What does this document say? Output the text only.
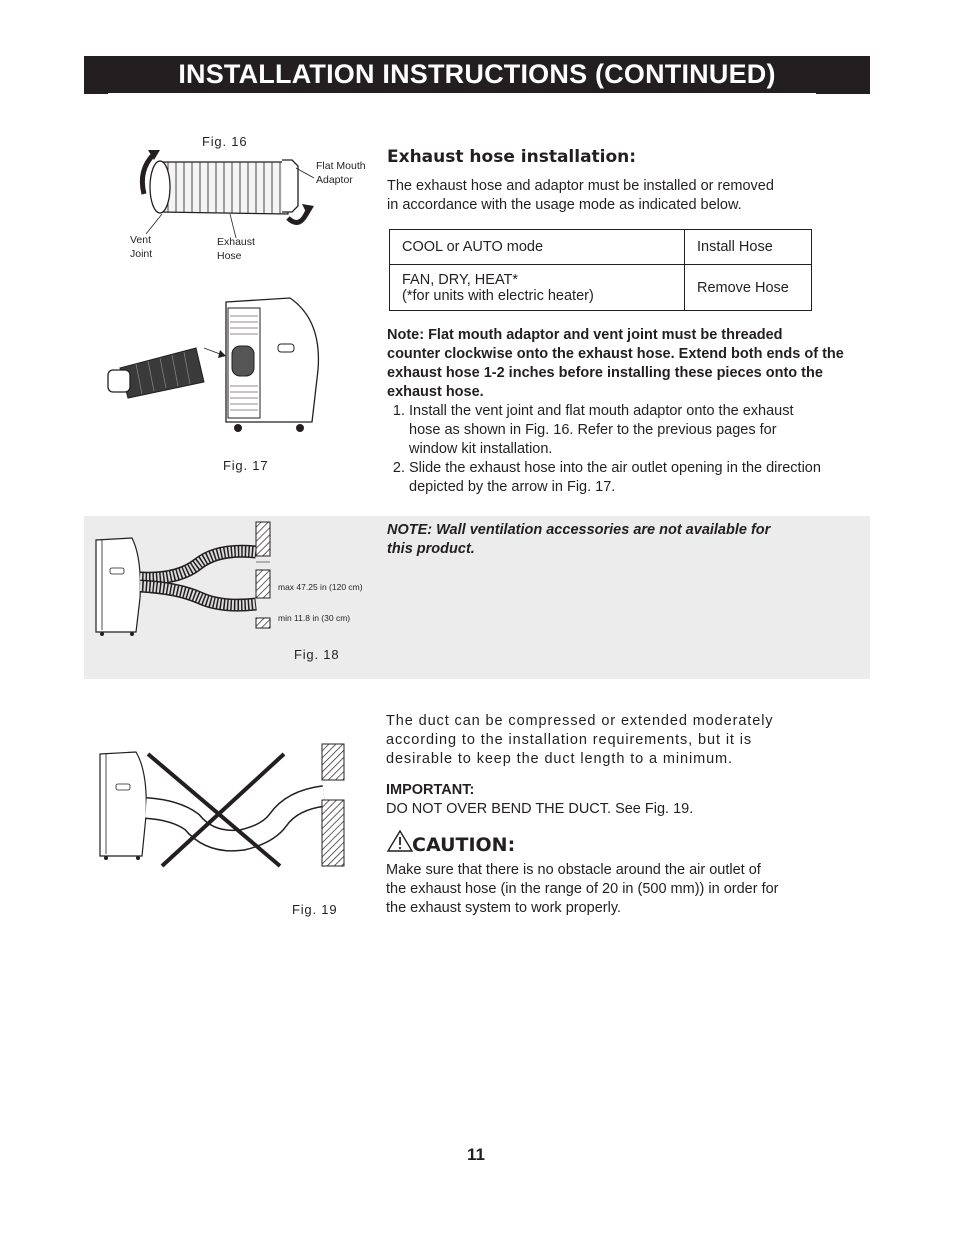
INSTALLATION INSTRUCTIONS (CONTINUED)
Fig. 16
Flat Mouth
Adaptor
Vent
Joint
Exhaust
Hose
Fig. 17
Exhaust hose installation:
The exhaust hose and adaptor must be installed or removed
in accordance with the usage mode as indicated below.
COOL or AUTO mode	Install Hose

FAN, DRY, HEAT*
(*for units with electric heater)	Remove Hose
Note: Flat mouth adaptor and vent joint must be threaded
counter clockwise onto the exhaust hose. Extend both ends of the
exhaust hose 1-2 inches before installing these pieces onto the
exhaust hose.
1. Install the vent joint and flat mouth adaptor onto the exhaust
hose as shown in Fig. 16. Refer to the previous pages for
window kit installation.
2. Slide the exhaust hose into the air outlet opening in the direction
depicted by the arrow in Fig. 17.
max 47.25 in (120 cm)
min 11.8 in (30 cm)
Fig. 18
NOTE: Wall ventilation accessories are not available for
this product.
Fig. 19
The duct can be compressed or extended moderately
according to the installation requirements, but it is
desirable to keep the duct length to a minimum.
IMPORTANT:
DO NOT OVER BEND THE DUCT. See Fig. 19.
CAUTION:
Make sure that there is no obstacle around the air outlet of
the exhaust hose (in the range of 20 in (500 mm)) in order for
the exhaust system to work properly.
11
